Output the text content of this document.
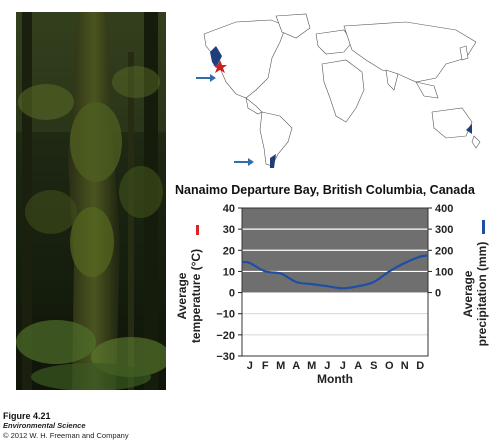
Nanaimo Departure Bay, British Columbia, Canada
40
30
20
10
0
−10
−20
−30
400
300
200
100
0
J F M A M J J A S O N D
Month
Average temperature (°C)	Average precipitation (mm)
Figure 4.21
Environmental Science
© 2012 W. H. Freeman and Company
